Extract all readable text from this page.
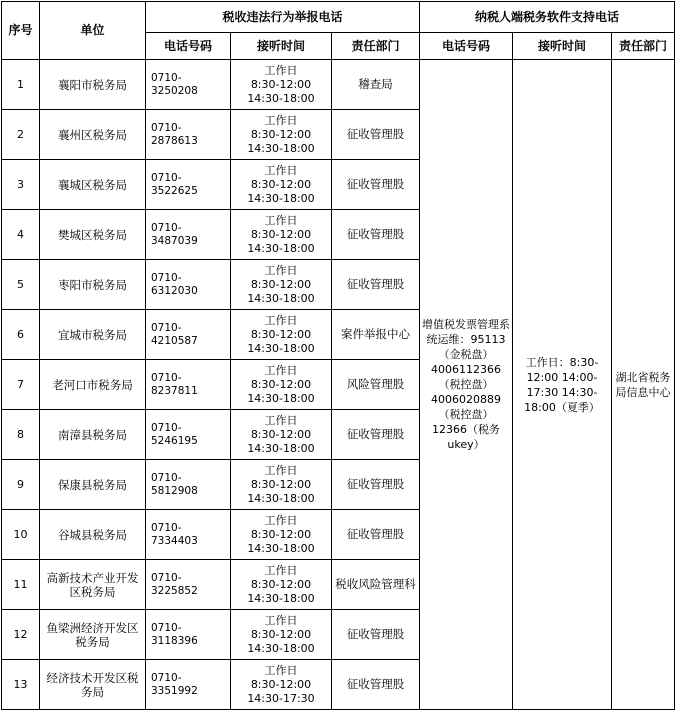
序号	单位	税收违法行为举报电话			纳税人端税务软件支持电话		
		电话号码	接听时间	责任部门	电话号码	接听时间	责任部门
1	襄阳市税务局	0710-3250208	工作日
8:30-12:00
14:30-18:00	稽查局	增值税发票管理系统运维：95113（金税盘）4006112366（税控盘）4006020889（税控盘）12366（税务ukey）	工作日：8:30-12:00 14:00-17:30 14:30-18:00（夏季）	湖北省税务局信息中心
2	襄州区税务局	0710-2878613	工作日
8:30-12:00
14:30-18:00	征收管理股			
3	襄城区税务局	0710-3522625	工作日
8:30-12:00
14:30-18:00	征收管理股			
4	樊城区税务局	0710-3487039	工作日
8:30-12:00
14:30-18:00	征收管理股			
5	枣阳市税务局	0710-6312030	工作日
8:30-12:00
14:30-18:00	征收管理股			
6	宜城市税务局	0710-4210587	工作日
8:30-12:00
14:30-18:00	案件举报中心			
7	老河口市税务局	0710-8237811	工作日
8:30-12:00
14:30-18:00	风险管理股			
8	南漳县税务局	0710-5246195	工作日
8:30-12:00
14:30-18:00	征收管理股			
9	保康县税务局	0710-5812908	工作日
8:30-12:00
14:30-18:00	征收管理股			
10	谷城县税务局	0710-7334403	工作日
8:30-12:00
14:30-18:00	征收管理股			
11	高新技术产业开发区税务局	0710-3225852	工作日
8:30-12:00
14:30-18:00	税收风险管理科			
12	鱼梁洲经济开发区税务局	0710-3118396	工作日
8:30-12:00
14:30-18:00	征收管理股			
13	经济技术开发区税务局	0710-3351992	工作日
8:30-12:00
14:30-17:30	征收管理股			
